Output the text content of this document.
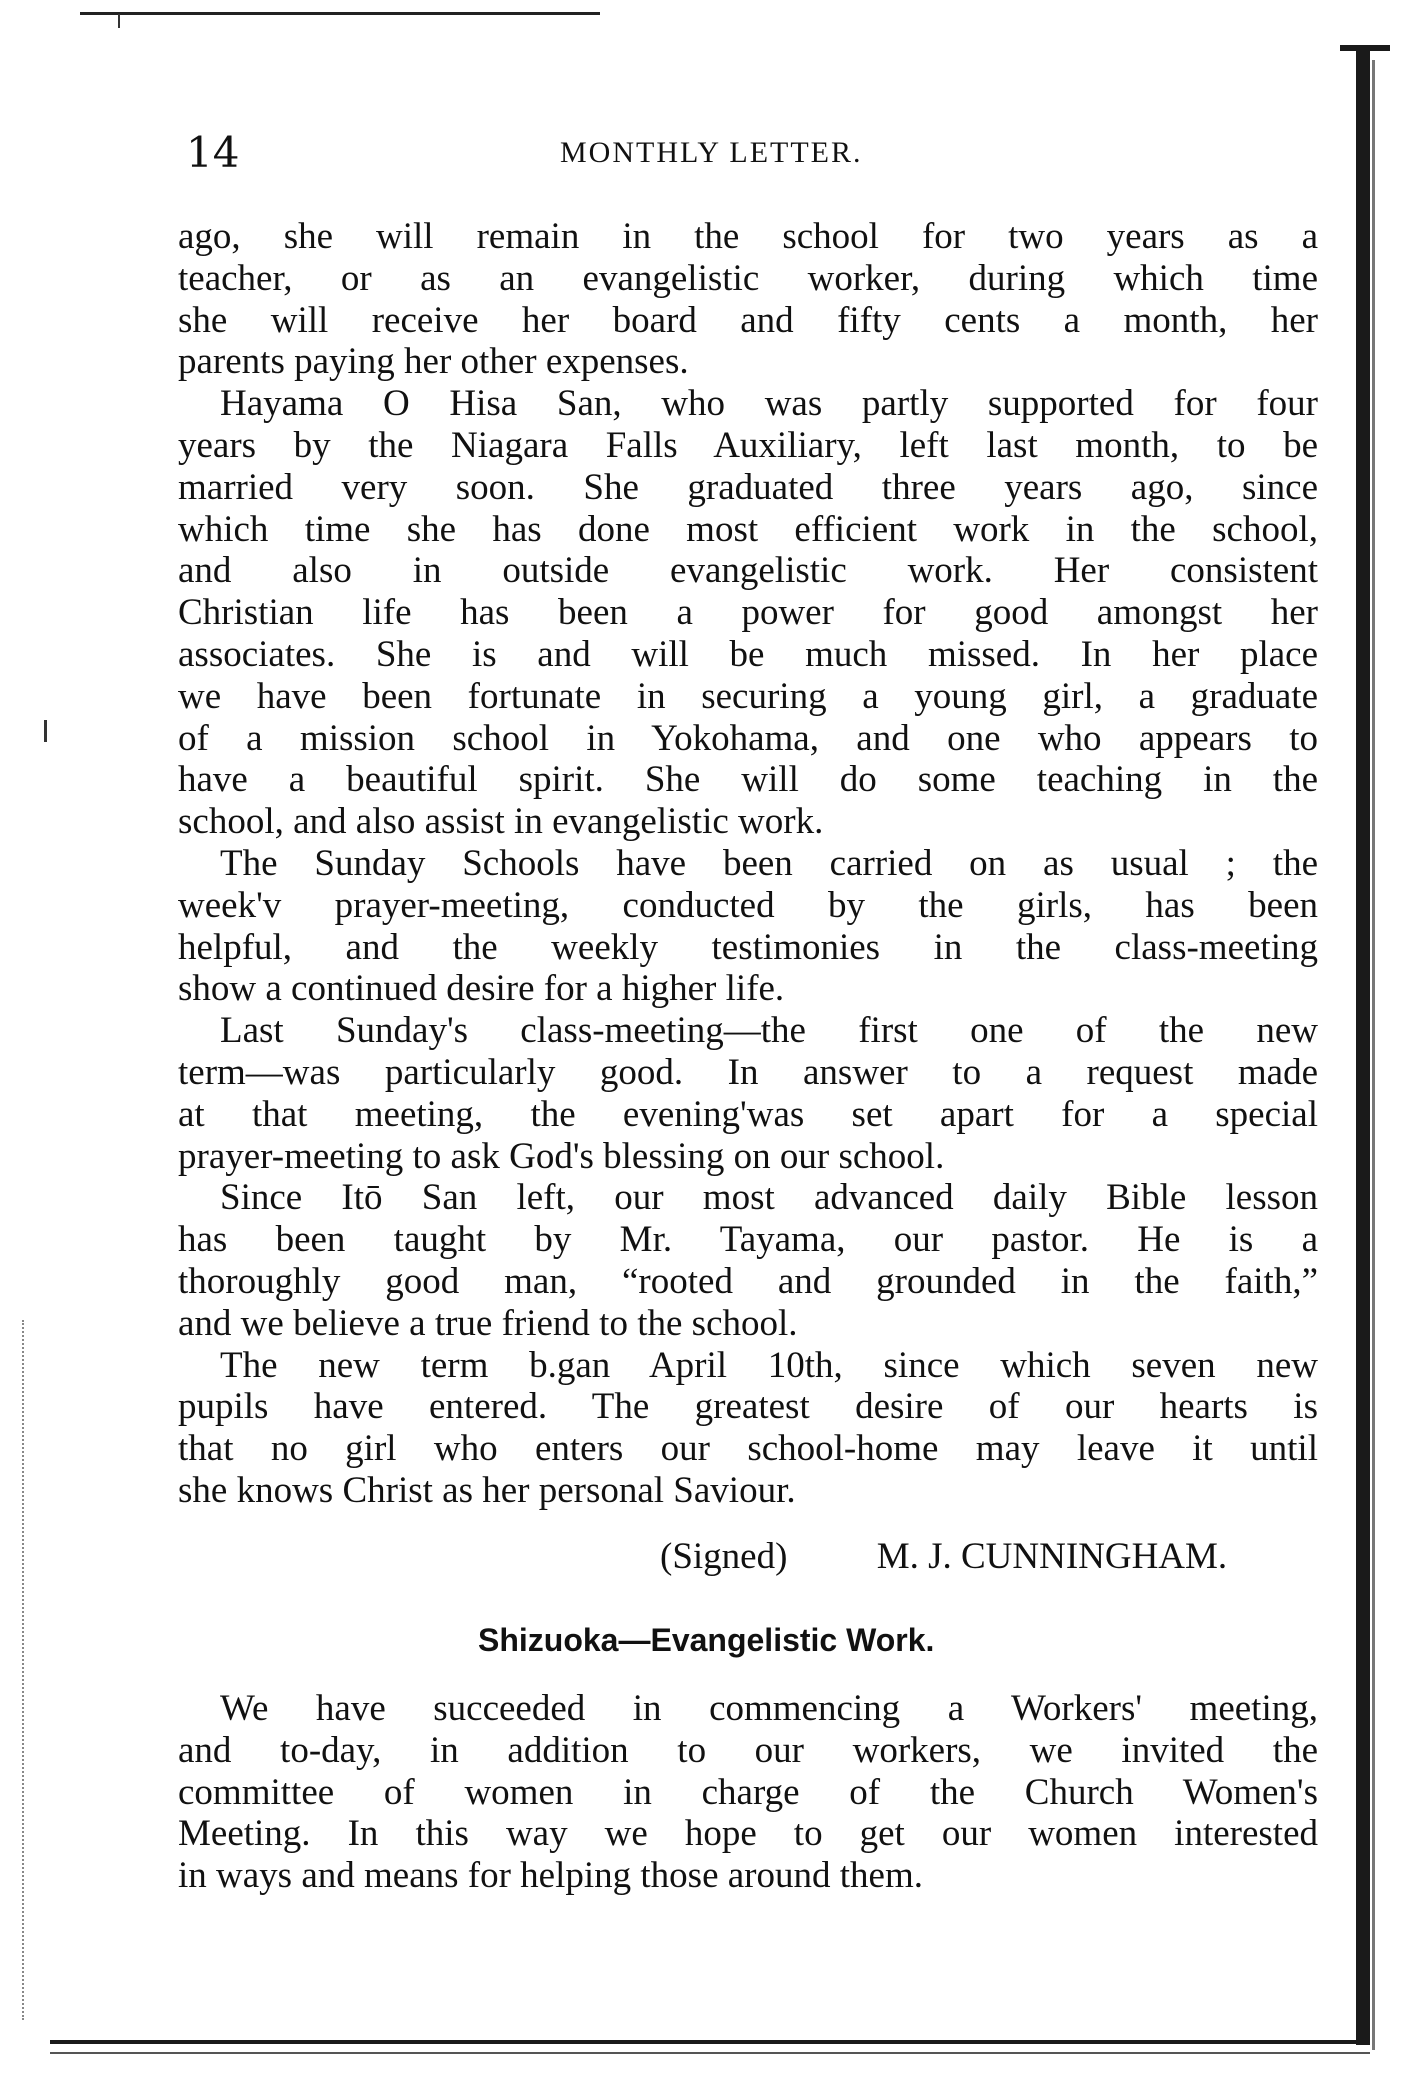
14	MONTHLY LETTER.
ago, she will remain in the school for two years as a
teacher, or as an evangelistic worker, during which time
she will receive her board and fifty cents a month, her
parents paying her other expenses.
Hayama O Hisa San, who was partly supported for four
years by the Niagara Falls Auxiliary, left last month, to be
married very soon. She graduated three years ago, since
which time she has done most efficient work in the school,
and also in outside evangelistic work. Her consistent
Christian life has been a power for good amongst her
associates. She is and will be much missed. In her place
we have been fortunate in securing a young girl, a graduate
of a mission school in Yokohama, and one who appears to
have a beautiful spirit. She will do some teaching in the
school, and also assist in evangelistic work.
The Sunday Schools have been carried on as usual ; the
week'v prayer-meeting, conducted by the girls, has been
helpful, and the weekly testimonies in the class-meeting
show a continued desire for a higher life.
Last Sunday's class-meeting—the first one of the new
term—was particularly good. In answer to a request made
at that meeting, the evening'was set apart for a special
prayer-meeting to ask God's blessing on our school.
Since Itō San left, our most advanced daily Bible lesson
has been taught by Mr. Tayama, our pastor. He is a
thoroughly good man, “rooted and grounded in the faith,”
and we believe a true friend to the school.
The new term b.gan April 10th, since which seven new
pupils have entered. The greatest desire of our hearts is
that no girl who enters our school-home may leave it until
she knows Christ as her personal Saviour.
(Signed) M. J. CUNNINGHAM.
Shizuoka—Evangelistic Work.
We have succeeded in commencing a Workers' meeting,
and to-day, in addition to our workers, we invited the
committee of women in charge of the Church Women's
Meeting. In this way we hope to get our women interested
in ways and means for helping those around them.
